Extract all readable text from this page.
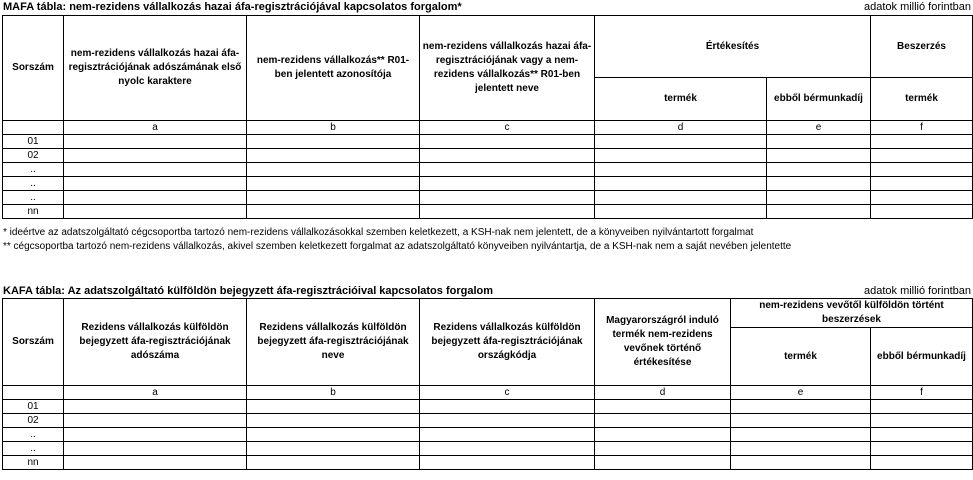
MAFA tábla: nem-rezidens vállalkozás hazai áfa-regisztrációjával kapcsolatos forgalom*	adatok millió forintban
Sorszám	nem-rezidens vállalkozás hazai áfa-regisztrációjának adószámának első nyolc karaktere	nem-rezidens vállalkozás** R01-ben jelentett azonosítója	nem-rezidens vállalkozás hazai áfa-regisztrációjának vagy a nem-rezidens vállalkozás** R01-ben jelentett neve	Értékesítés		Beszerzés
				termék	ebből bérmunkadíj	termék
	a	b	c	d	e	f
01						
02						
..						
..						
..						
nn						
* ideértve az adatszolgáltató cégcsoportba tartozó nem-rezidens vállalkozásokkal szemben keletkezett, a KSH-nak nem jelentett, de a könyveiben nyilvántartott forgalmat
** cégcsoportba tartozó nem-rezidens vállalkozás, akivel szemben keletkezett forgalmat az adatszolgáltató könyveiben nyilvántartja, de a KSH-nak nem a saját nevében jelentette
KAFA tábla: Az adatszolgáltató külföldön bejegyzett áfa-regisztrációival kapcsolatos forgalom	adatok millió forintban
Sorszám	Rezidens vállalkozás külföldön bejegyzett áfa-regisztrációjának adószáma	Rezidens vállalkozás külföldön bejegyzett áfa-regisztrációjának neve	Rezidens vállalkozás külföldön bejegyzett áfa-regisztrációjának országkódja	Magyarországról induló termék nem-rezidens vevőnek történő értékesítése	nem-rezidens vevőtől külföldön történt beszerzések	
					termék	ebből bérmunkadíj
	a	b	c	d	e	f
01						
02						
..						
..						
nn						
